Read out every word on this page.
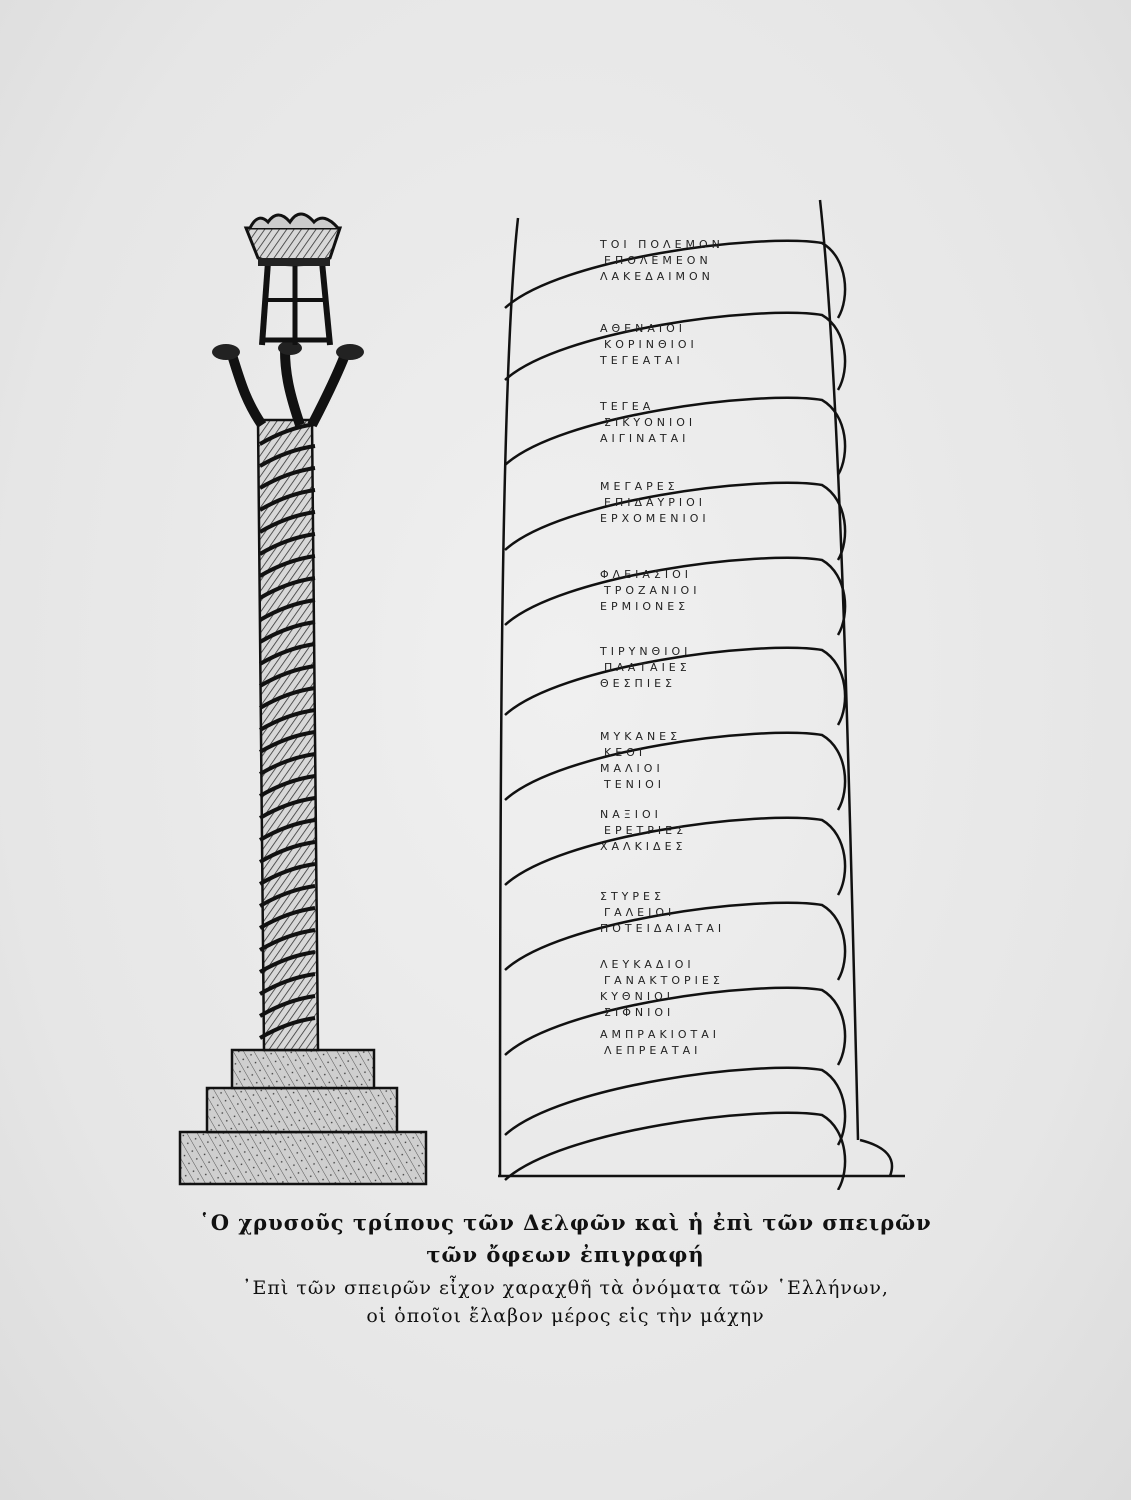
ΤΟΙ ΠΟΛΕΜΟΝ
ΕΠΟΛΕΜΕΟΝ
ΛΑΚΕΔΑΙΜΟΝ
ΑΘΕΝΑΙΟΙ
ΚΟΡΙΝΘΙΟΙ
ΤΕΓΕΑΤΑΙ
ΤΕΓΕΑ
ΣΙΚΥΟΝΙΟΙ
ΑΙΓΙΝΑΤΑΙ
ΜΕΓΑΡΕΣ
ΕΠΙΔΑΥΡΙΟΙ
ΕΡΧΟΜΕΝΙΟΙ
ΦΛΕΙΑΣΙΟΙ
ΤΡΟΖΑΝΙΟΙ
ΕΡΜΙΟΝΕΣ
ΤΙΡΥΝΘΙΟΙ
ΠΛΑΤΑΙΕΣ
ΘΕΣΠΙΕΣ
ΜΥΚΑΝΕΣ
ΚΕΟΙ
ΜΑΛΙΟΙ
ΤΕΝΙΟΙ
ΝΑΞΙΟΙ
ΕΡΕΤΡΙΕΣ
ΧΑΛΚΙΔΕΣ
ΣΤΥΡΕΣ
ΓΑΛΕΙΟΙ
ΠΟΤΕΙΔΑΙΑΤΑΙ
ΛΕΥΚΑΔΙΟΙ
ΓΑΝΑΚΤΟΡΙΕΣ
ΚΥΘΝΙΟΙ
ΣΙΦΝΙΟΙ
ΑΜΠΡΑΚΙΟΤΑΙ
ΛΕΠΡΕΑΤΑΙ
῾Ο χρυσοῦς τρίπους τῶν Δελφῶν καὶ ἡ ἐπὶ τῶν σπειρῶν
τῶν ὄφεων ἐπιγραφή
᾿Επὶ τῶν σπειρῶν εἶχον χαραχθῆ τὰ ὀνόματα τῶν ῾Ελλήνων,
οἱ ὁποῖοι ἔλαβον μέρος εἰς τὴν μάχην
